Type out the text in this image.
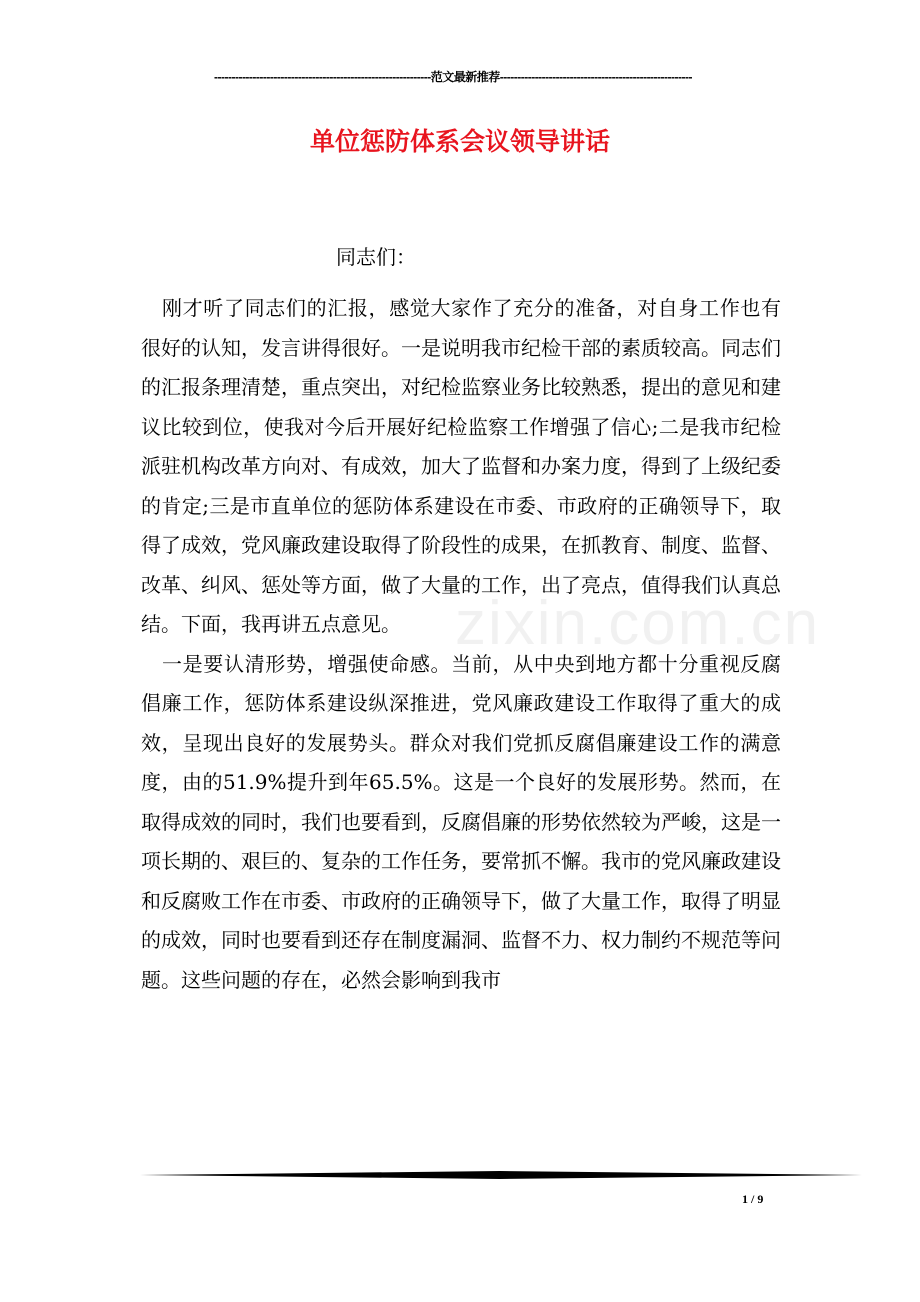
--------------------------------------------------------------范文最新推荐-------------------------------------------------------
单位惩防体系会议领导讲话
同志们：

刚才听了同志们的汇报，感觉大家作了充分的准备，对自身工作也有很好的认知，发言讲得很好。一是说明我市纪检干部的素质较高。同志们的汇报条理清楚，重点突出，对纪检监察业务比较熟悉，提出的意见和建议比较到位，使我对今后开展好纪检监察工作增强了信心;二是我市纪检派驻机构改革方向对、有成效，加大了监督和办案力度，得到了上级纪委的肯定;三是市直单位的惩防体系建设在市委、市政府的正确领导下，取得了成效，党风廉政建设取得了阶段性的成果，在抓教育、制度、监督、改革、纠风、惩处等方面，做了大量的工作，出了亮点，值得我们认真总结。下面，我再讲五点意见。

一是要认清形势，增强使命感。当前，从中央到地方都十分重视反腐倡廉工作，惩防体系建设纵深推进，党风廉政建设工作取得了重大的成效，呈现出良好的发展势头。群众对我们党抓反腐倡廉建设工作的满意度，由的51.9%提升到年65.5%。这是一个良好的发展形势。然而，在取得成效的同时，我们也要看到，反腐倡廉的形势依然较为严峻，这是一项长期的、艰巨的、复杂的工作任务，要常抓不懈。我市的党风廉政建设和反腐败工作在市委、市政府的正确领导下，做了大量工作，取得了明显的成效，同时也要看到还存在制度漏洞、监督不力、权力制约不规范等问题。这些问题的存在，必然会影响到我市

zixin.com.cn
1 / 9
